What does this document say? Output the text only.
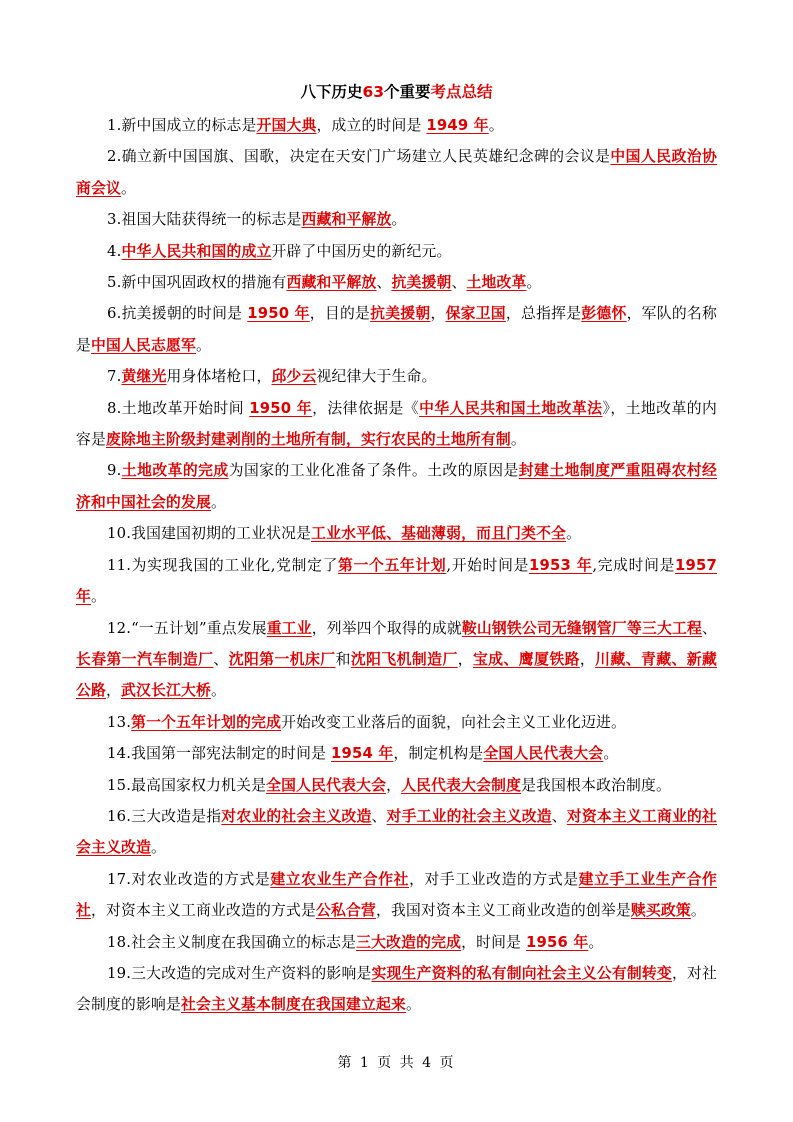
八下历史63个重要考点总结

1.新中国成立的标志是开国大典，成立的时间是 1949 年。

2.确立新中国国旗、国歌，决定在天安门广场建立人民英雄纪念碑的会议是中国人民政治协商会议。

3.祖国大陆获得统一的标志是西藏和平解放。

4.中华人民共和国的成立开辟了中国历史的新纪元。

5.新中国巩固政权的措施有西藏和平解放、抗美援朝、土地改革。

6.抗美援朝的时间是 1950 年，目的是抗美援朝，保家卫国，总指挥是彭德怀，军队的名称是中国人民志愿军。

7.黄继光用身体堵枪口，邱少云视纪律大于生命。

8.土地改革开始时间 1950 年，法律依据是《中华人民共和国土地改革法》，土地改革的内容是废除地主阶级封建剥削的土地所有制，实行农民的土地所有制。

9.土地改革的完成为国家的工业化准备了条件。土改的原因是封建土地制度严重阻碍农村经济和中国社会的发展。

10.我国建国初期的工业状况是工业水平低、基础薄弱，而且门类不全。

11.为实现我国的工业化,党制定了第一个五年计划,开始时间是1953 年,完成时间是1957 年。

12.“一五计划”重点发展重工业，列举四个取得的成就鞍山钢铁公司无缝钢管厂等三大工程、长春第一汽车制造厂、沈阳第一机床厂和沈阳飞机制造厂，宝成、鹰厦铁路，川藏、青藏、新藏公路，武汉长江大桥。

13.第一个五年计划的完成开始改变工业落后的面貌，向社会主义工业化迈进。

14.我国第一部宪法制定的时间是 1954 年，制定机构是全国人民代表大会。

15.最高国家权力机关是全国人民代表大会，人民代表大会制度是我国根本政治制度。

16.三大改造是指对农业的社会主义改造、对手工业的社会主义改造、对资本主义工商业的社会主义改造。

17.对农业改造的方式是建立农业生产合作社，对手工业改造的方式是建立手工业生产合作社，对资本主义工商业改造的方式是公私合营，我国对资本主义工商业改造的创举是赎买政策。

18.社会主义制度在我国确立的标志是三大改造的完成，时间是 1956 年。

19.三大改造的完成对生产资料的影响是实现生产资料的私有制向社会主义公有制转变，对社会制度的影响是社会主义基本制度在我国建立起来。

第 1 页 共 4 页
